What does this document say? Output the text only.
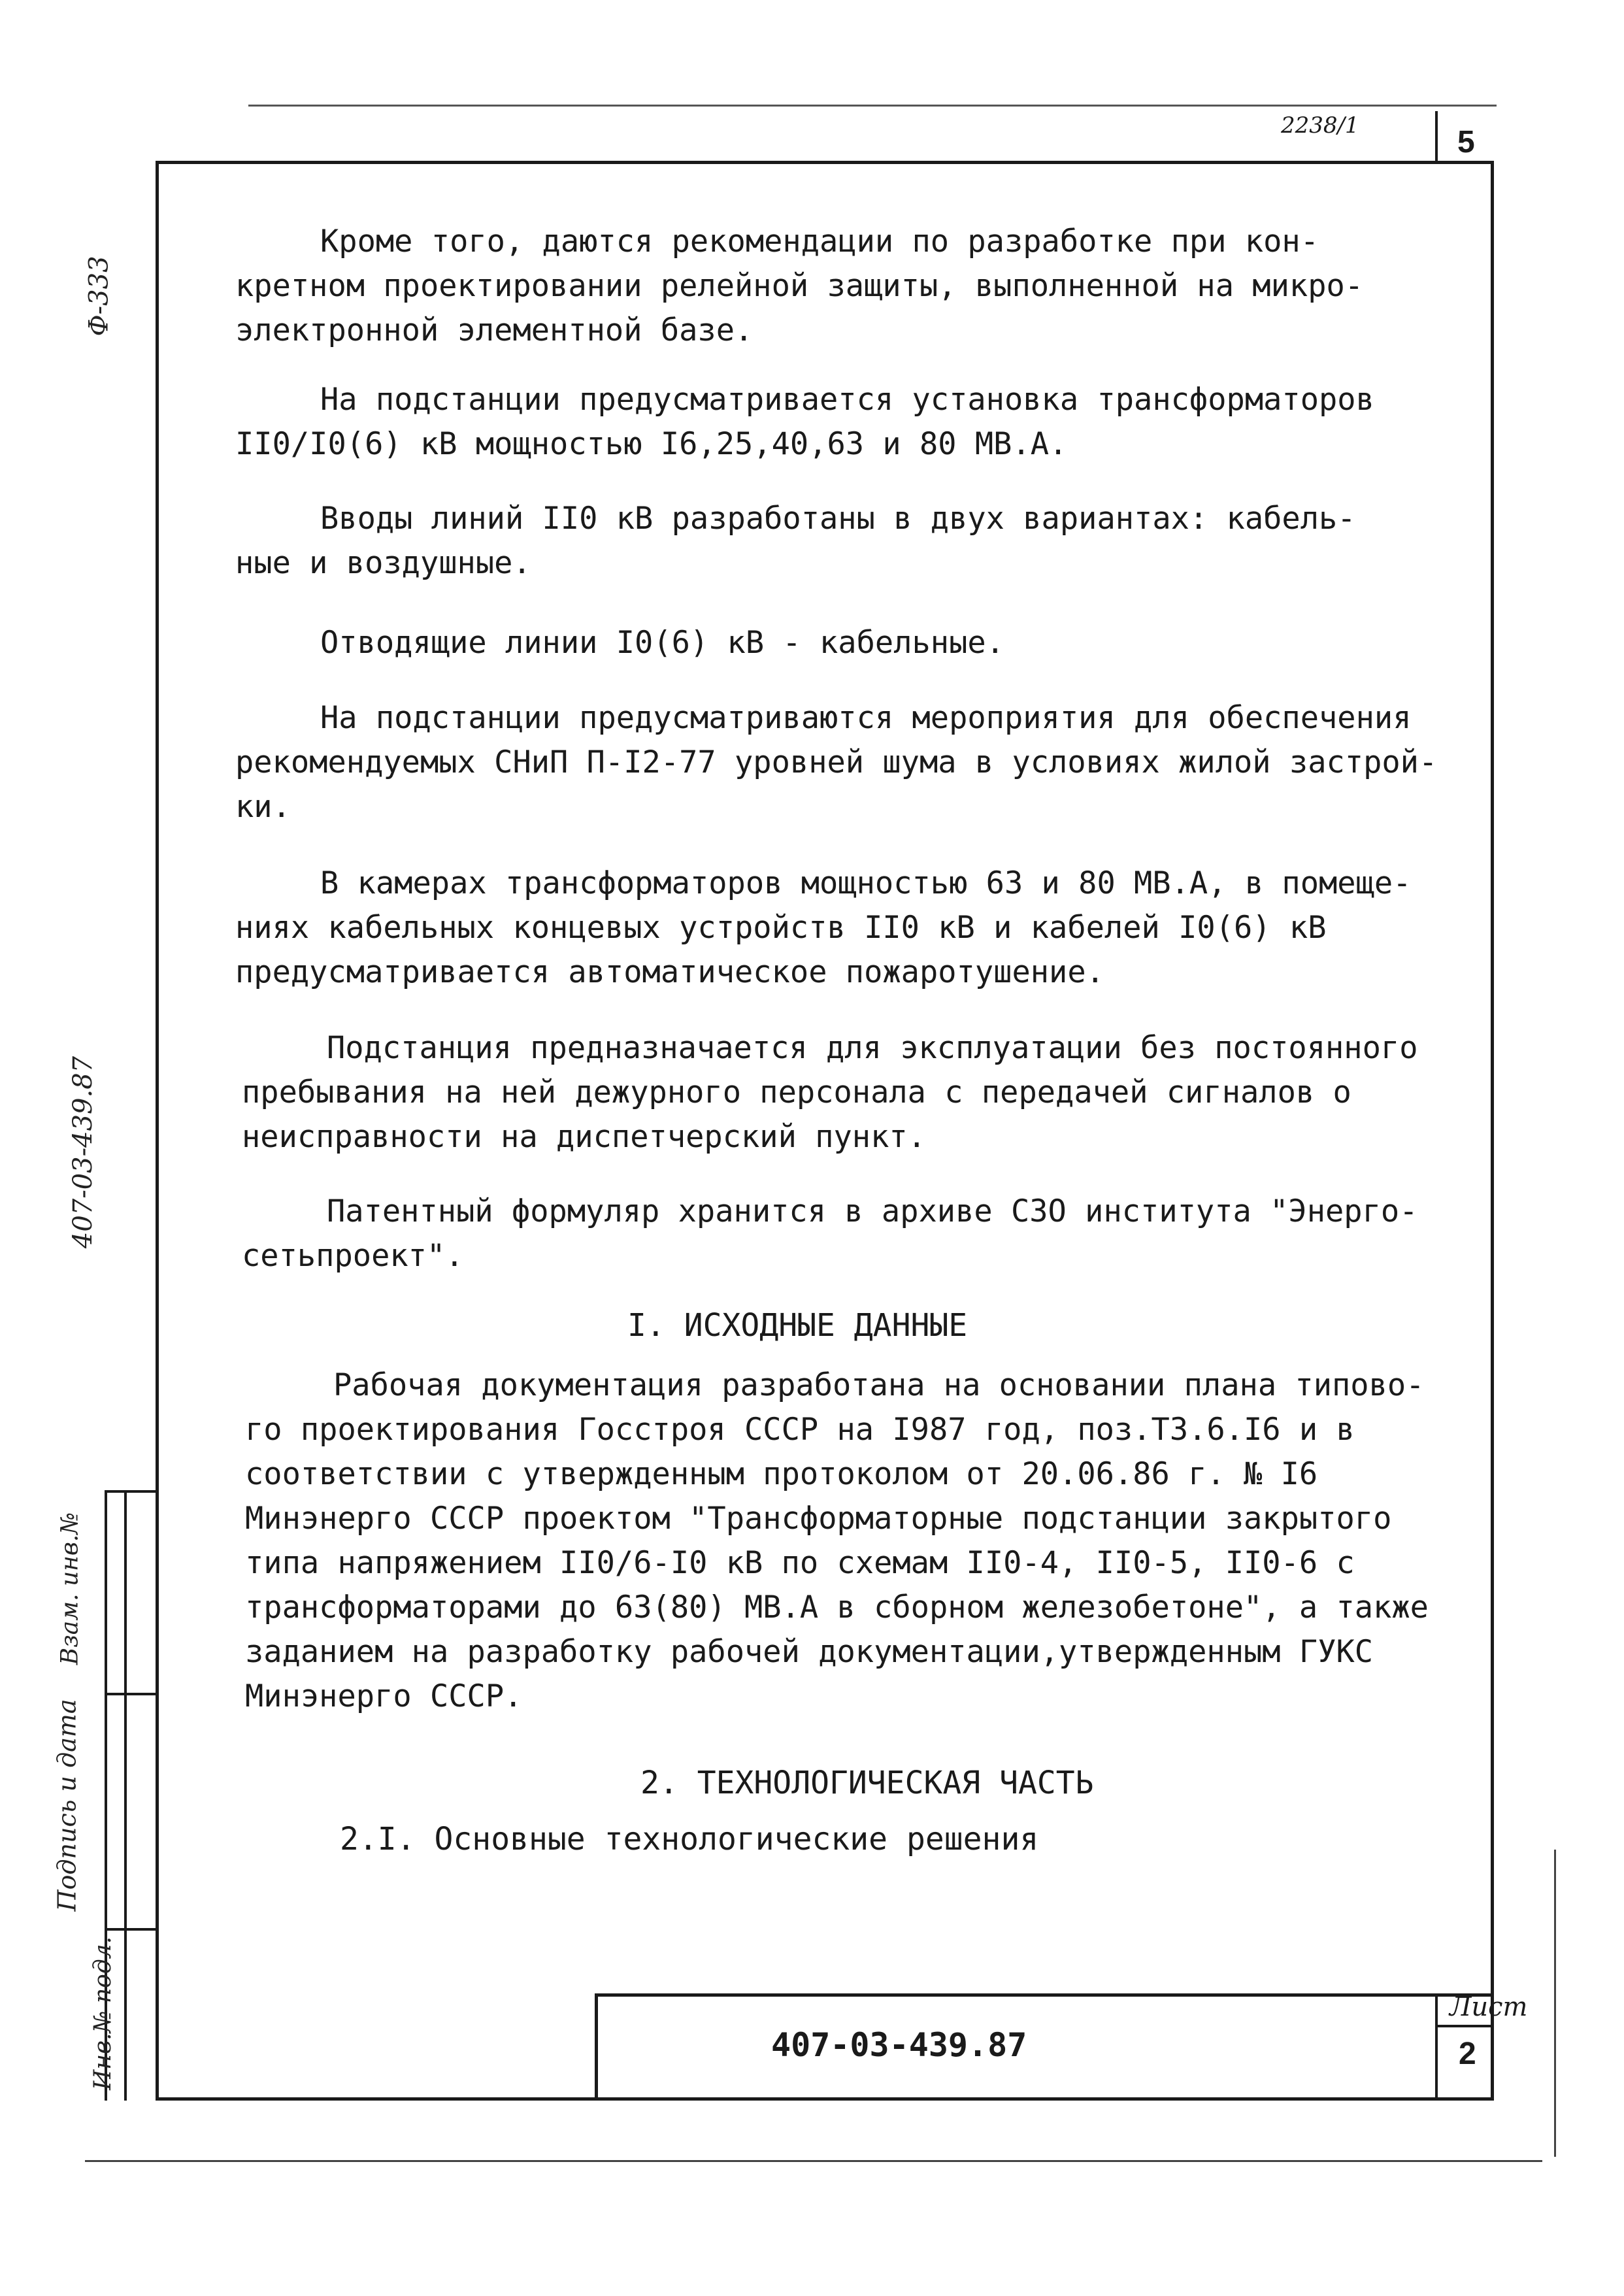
2238/1	5
Взам. инв.№
Подпись и дата
Инв.№ подл.
Ф-333
407-03-439.87
Кроме того, даются рекомендации по разработке при кон-
кретном проектировании релейной защиты, выполненной на микро-
электронной элементной базе.
На подстанции предусматривается установка трансформаторов
II0/I0(6) кВ мощностью I6,25,40,63 и 80 МВ.А.
Вводы линий II0 кВ разработаны в двух вариантах: кабель-
ные и воздушные.
Отводящие линии I0(6) кВ - кабельные.
На подстанции предусматриваются мероприятия для обеспечения
рекомендуемых СНиП П-I2-77 уровней шума в условиях жилой застрой-
ки.
В камерах трансформаторов мощностью 63 и 80 МВ.А, в помеще-
ниях кабельных концевых устройств II0 кВ и кабелей I0(6) кВ
предусматривается автоматическое пожаротушение.
Подстанция предназначается для эксплуатации без постоянного
пребывания на ней дежурного персонала с передачей сигналов о
неисправности на диспетчерский пункт.
Патентный формуляр хранится в архиве СЗО института "Энерго-
сетьпроект".
I. ИСХОДНЫЕ ДАННЫЕ
Рабочая документация разработана на основании плана типово-
го проектирования Госстроя СССР на I987 год, поз.ТЗ.6.I6 и в
соответствии с утвержденным протоколом от 20.06.86 г. № I6
Минэнерго СССР проектом "Трансформаторные подстанции закрытого
типа напряжением II0/6-I0 кВ по схемам II0-4, II0-5, II0-6 с
трансформаторами до 63(80) МВ.А в сборном железобетоне", а также
заданием на разработку рабочей документации,утвержденным ГУКС
Минэнерго СССР.
2. ТЕХНОЛОГИЧЕСКАЯ ЧАСТЬ
2.I. Основные технологические решения
407-03-439.87
Лист
2
